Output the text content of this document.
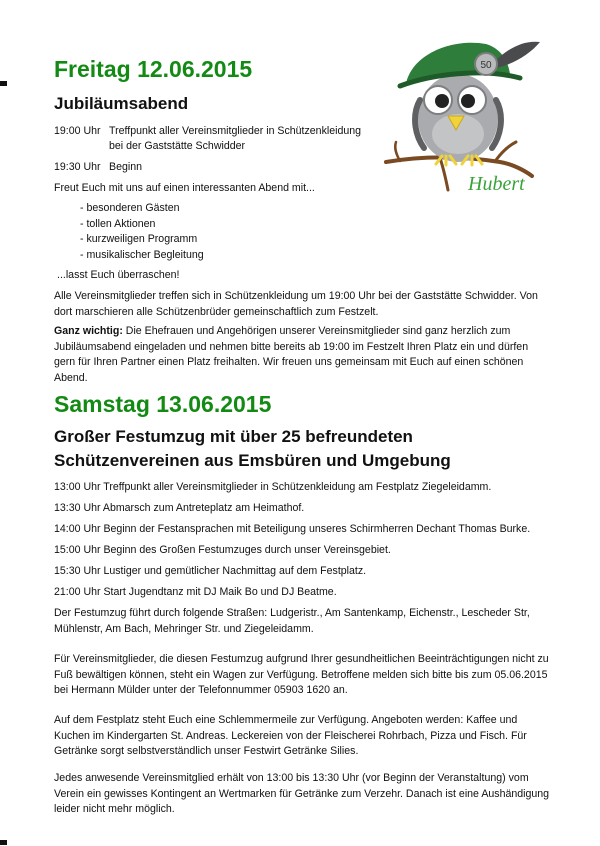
Freitag 12.06.2015
Jubiläumsabend

19:00 Uhr Treffpunkt aller Vereinsmitglieder in Schützenkleidung

bei der Gaststätte Schwidder

19:30 Uhr Beginn

Freut Euch mit uns auf einen interessanten Abend mit...

- besonderen Gästen
- tollen Aktionen
- kurzweiligen Programm
- musikalischer Begleitung

...lasst Euch überraschen!

Alle Vereinsmitglieder treffen sich in Schützenkleidung um 19:00 Uhr bei der Gaststätte Schwidder. Von dort marschieren alle Schützenbrüder gemeinschaftlich zum Festzelt.

Ganz wichtig: Die Ehefrauen und Angehörigen unserer Vereinsmitglieder sind ganz herzlich zum Jubiläumsabend eingeladen und nehmen bitte bereits ab 19:00 im Festzelt Ihren Platz ein und dürfen gern für Ihren Partner einen Platz freihalten. Wir freuen uns gemeinsam mit Euch auf einen schönen Abend.

Samstag 13.06.2015
Großer Festumzug mit über 25 befreundeten
Schützenvereinen aus Emsbüren und Umgebung

13:00 Uhr Treffpunkt aller Vereinsmitglieder in Schützenkleidung am Festplatz Ziegeleidamm.

13:30 Uhr Abmarsch zum Antreteplatz am Heimathof.

14:00 Uhr Beginn der Festansprachen mit Beteiligung unseres Schirmherren Dechant Thomas Burke.

15:00 Uhr Beginn des Großen Festumzuges durch unser Vereinsgebiet.

15:30 Uhr Lustiger und gemütlicher Nachmittag auf dem Festplatz.

21:00 Uhr Start Jugendtanz mit DJ Maik Bo und DJ Beatme.

Der Festumzug führt durch folgende Straßen: Ludgeristr., Am Santenkamp, Eichenstr., Lescheder Str, Mühlenstr, Am Bach, Mehringer Str. und Ziegeleidamm.

Für Vereinsmitglieder, die diesen Festumzug aufgrund Ihrer gesundheitlichen Beeinträchtigungen nicht zu Fuß bewältigen können, steht ein Wagen zur Verfügung. Betroffene melden sich bitte bis zum 05.06.2015 bei Hermann Mülder unter der Telefonnummer 05903 1620 an.

Auf dem Festplatz steht Euch eine Schlemmermeile zur Verfügung. Angeboten werden: Kaffee und Kuchen im Kindergarten St. Andreas. Leckereien von der Fleischerei Rohrbach, Pizza und Fisch. Für Getränke sorgt selbstverständlich unser Festwirt Getränke Silies.

Jedes anwesende Vereinsmitglied erhält von 13:00 bis 13:30 Uhr (vor Beginn der Veranstaltung) vom Verein ein gewisses Kontingent an Wertmarken für Getränke zum Verzehr. Danach ist eine Aushändigung leider nicht mehr möglich.

50
Hubert
